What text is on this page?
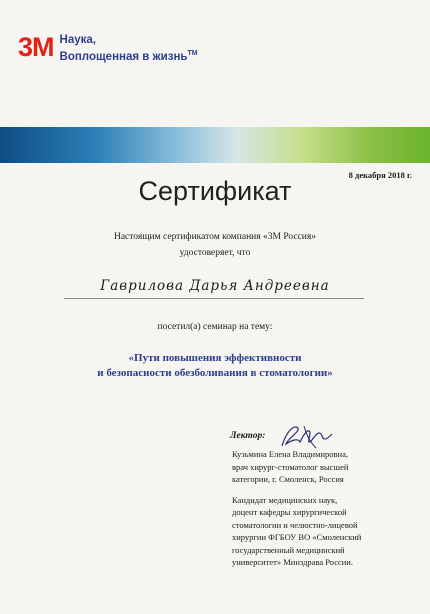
3M Наука,
Воплощенная в жизнь™
8 декабря 2018 г.
Сертификат
Настоящим сертификатом компания «3M Россия»
удостоверяет, что
Гаврилова Дарья Андреевна
посетил(а) семинар на тему:
«Пути повышения эффективности
и безопасности обезболивания в стоматологии»
Лектор:
Кузьмина Елена Владимировна,
врач хирург-стоматолог высшей
категории, г. Смоленск, Россия
Кандидат медицинских наук,
доцент кафедры хирургической
стоматологии и челюстно-лицевой
хирургии ФГБОУ ВО «Смоленский
государственный медицинский
университет» Минздрава России.
